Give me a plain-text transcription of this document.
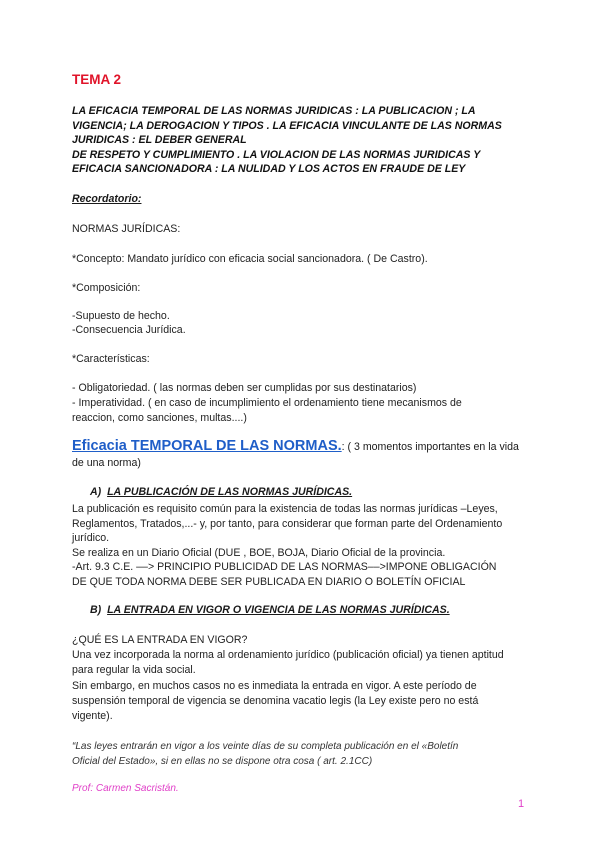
TEMA 2
LA EFICACIA TEMPORAL DE LAS NORMAS JURIDICAS : LA PUBLICACION ; LA
VIGENCIA; LA DEROGACION Y TIPOS . LA EFICACIA VINCULANTE DE LAS NORMAS
JURIDICAS : EL DEBER GENERAL
DE RESPETO Y CUMPLIMIENTO . LA VIOLACION DE LAS NORMAS JURIDICAS Y
EFICACIA SANCIONADORA : LA NULIDAD Y LOS ACTOS EN FRAUDE DE LEY
Recordatorio:
NORMAS JURÍDICAS:
*Concepto: Mandato jurídico con eficacia social sancionadora. ( De Castro).
*Composición:
-Supuesto de hecho.
-Consecuencia Jurídica.
*Características:
- Obligatoriedad. ( las normas deben ser cumplidas por sus destinatarios)
- Imperatividad. ( en caso de incumplimiento el ordenamiento tiene mecanismos de
reaccion, como sanciones, multas....)
Eficacia TEMPORAL DE LAS NORMAS.: ( 3 momentos importantes en la vida de una norma)
A) LA PUBLICACIÓN DE LAS NORMAS JURÍDICAS.
La publicación es requisito común para la existencia de todas las normas jurídicas –Leyes,
Reglamentos, Tratados,...- y, por tanto, para considerar que forman parte del Ordenamiento
jurídico.
Se realiza en un Diario Oficial (DUE , BOE, BOJA, Diario Oficial de la provincia.
-Art. 9.3 C.E. ––> PRINCIPIO PUBLICIDAD DE LAS NORMAS––>IMPONE OBLIGACIÓN
DE QUE TODA NORMA DEBE SER PUBLICADA EN DIARIO O BOLETÍN OFICIAL
B) LA ENTRADA EN VIGOR O VIGENCIA DE LAS NORMAS JURÍDICAS.
¿QUÉ ES LA ENTRADA EN VIGOR?
Una vez incorporada la norma al ordenamiento jurídico (publicación oficial) ya tienen aptitud
para regular la vida social.
Sin embargo, en muchos casos no es inmediata la entrada en vigor. A este período de
suspensión temporal de vigencia se denomina vacatio legis (la Ley existe pero no está
vigente).
“Las leyes entrarán en vigor a los veinte días de su completa publicación en el «Boletín
Oficial del Estado», si en ellas no se dispone otra cosa ( art. 2.1CC)
Prof: Carmen Sacristán.
1
